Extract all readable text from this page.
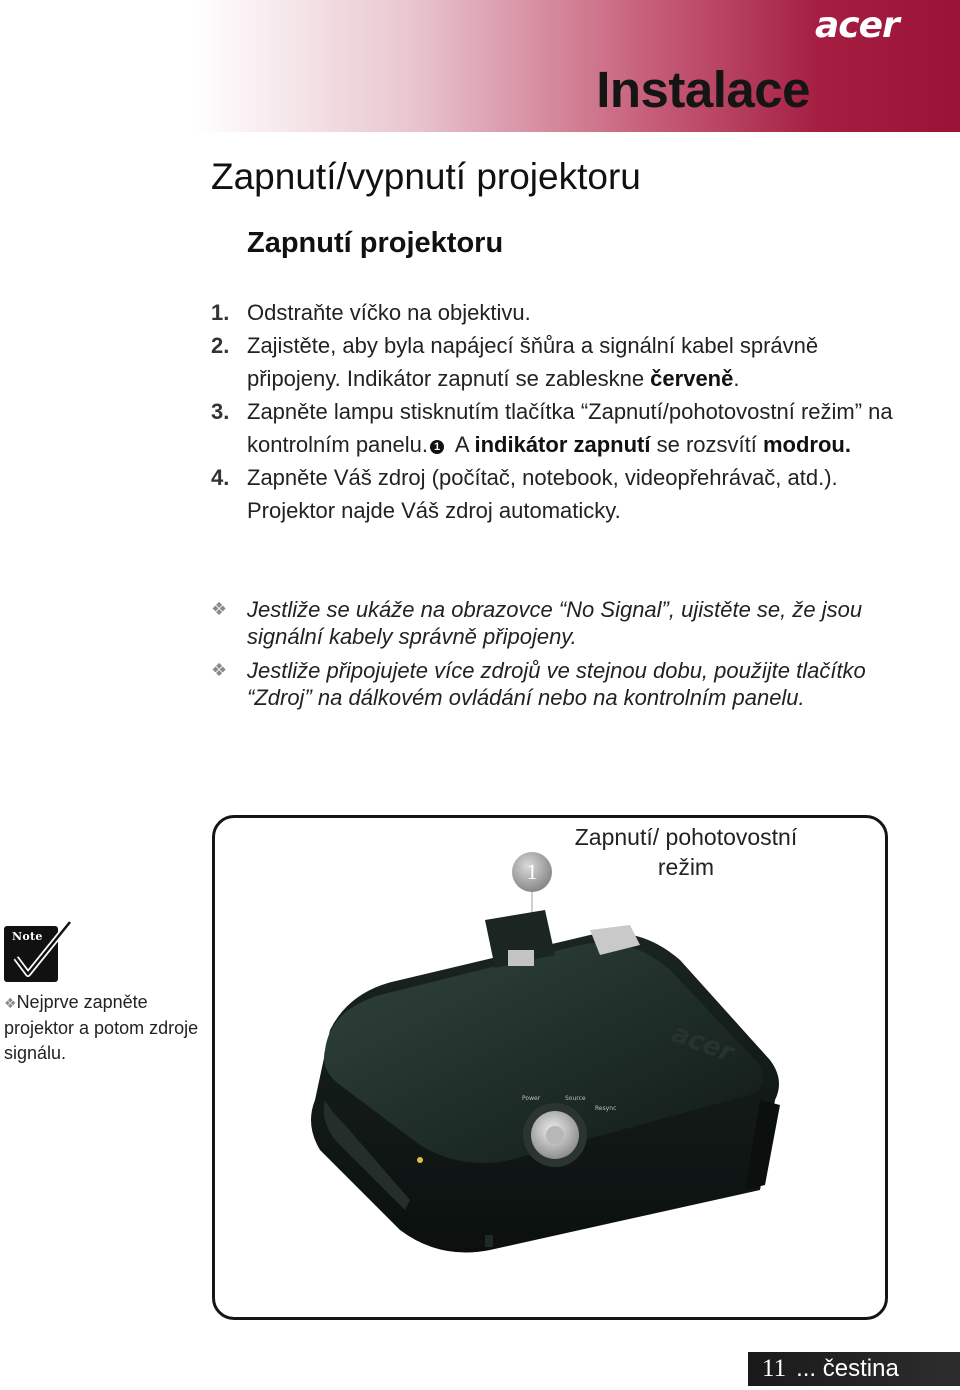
acer
Instalace
Zapnutí/vypnutí projektoru
Zapnutí projektoru
1. Odstraňte víčko na objektivu.
2. Zajistěte, aby byla napájecí šňůra a signální kabel správně připojeny. Indikátor zapnutí se zableskne červeně.
3. Zapněte lampu stisknutím tlačítka “Zapnutí/pohotovostní režim” na kontrolním panelu. 1 A indikátor zapnutí se rozsvítí modrou.
4. Zapněte Váš zdroj (počítač, notebook, videopřehrávač, atd.). Projektor najde Váš zdroj automaticky.
❖ Jestliže se ukáže na obrazovce “No Signal”, ujistěte se, že jsou signální kabely správně připojeny.
❖ Jestliže připojujete více zdrojů ve stejnou dobu, použijte tlačítko “Zdroj” na dálkovém ovládání nebo na kontrolním panelu.
Zapnutí/ pohotovostní režim
1
Power	Source
Resync
acer
Note
❖Nejprve zapněte projektor a potom zdroje signálu.
11 ... čestina
